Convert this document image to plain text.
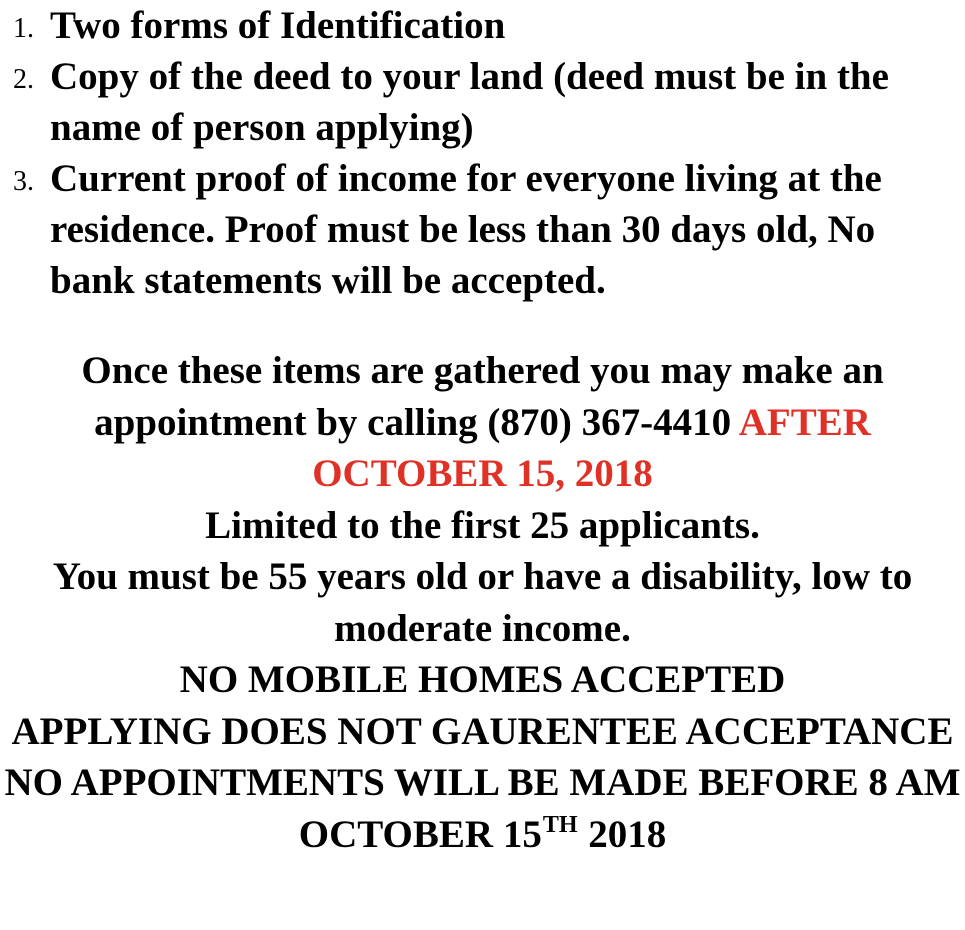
1. Two forms of Identification
2. Copy of the deed to your land (deed must be in the name of person applying)
3. Current proof of income for everyone living at the residence. Proof must be less than 30 days old, No bank statements will be accepted.

Once these items are gathered you may make an appointment by calling (870) 367-4410 AFTER OCTOBER 15, 2018

Limited to the first 25 applicants.

You must be 55 years old or have a disability, low to moderate income.

NO MOBILE HOMES ACCEPTED

APPLYING DOES NOT GAURENTEE ACCEPTANCE

NO APPOINTMENTS WILL BE MADE BEFORE 8 AM OCTOBER 15TH 2018
